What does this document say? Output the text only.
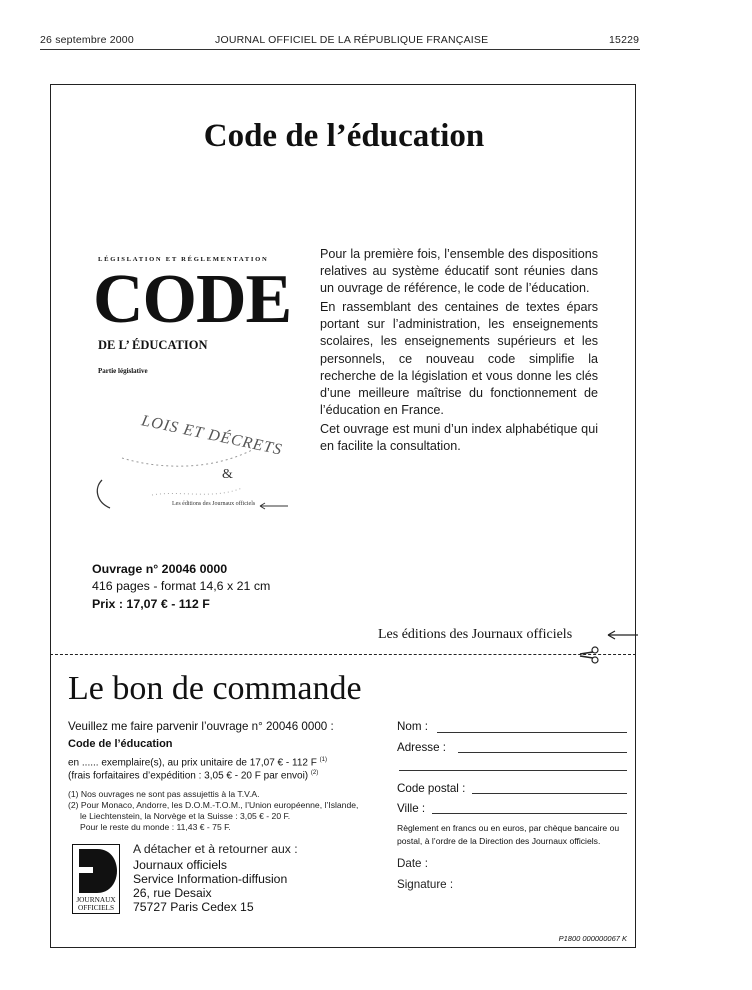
26 septembre 2000	JOURNAL OFFICIEL DE LA RÉPUBLIQUE FRANÇAISE	15229
Code de l’éducation
LÉGISLATION ET RÉGLEMENTATION
CODE
DE L’ ÉDUCATION
Partie législative
LOIS ET DÉCRETS
&
Les éditions des Journaux officiels

Pour la première fois, l’ensemble des dispositions relatives au système éducatif sont réunies dans un ouvrage de référence, le code de l’éducation.

En rassemblant des centaines de textes épars portant sur l’administration, les enseignements scolaires, les enseignements supérieurs et les personnels, ce nouveau code simplifie la recherche de la législation et vous donne les clés d’une meilleure maîtrise du fonctionnement de l’éducation en France.

Cet ouvrage est muni d’un index alphabétique qui en facilite la consultation.

Ouvrage n° 20046 0000
416 pages - format 14,6 x 21 cm
Prix : 17,07 € - 112 F
Les éditions des Journaux officiels
Le bon de commande
Veuillez me faire parvenir l’ouvrage n° 20046 0000 :
Code de l’éducation
en ...... exemplaire(s), au prix unitaire de 17,07 € - 112 F $^{(1)}$
(frais forfaitaires d’expédition : 3,05 € - 20 F par envoi) $^{(2)}$
(1) Nos ouvrages ne sont pas assujettis à la T.V.A.
(2) Pour Monaco, Andorre, les D.O.M.-T.O.M., l’Union européenne, l’Islande,
le Liechtenstein, la Norvège et la Suisse : 3,05 € - 20 F.
Pour le reste du monde : 11,43 € - 75 F.
JOURNAUX OFFICIELS
A détacher et à retourner aux :
Journaux officiels
Service Information-diffusion
26, rue Desaix
75727 Paris Cedex 15
Nom :
Adresse :
Code postal :
Ville :
Règlement en francs ou en euros, par chèque bancaire ou postal, à l’ordre de la Direction des Journaux officiels.
Date :
Signature :
P1800 000000067 K
